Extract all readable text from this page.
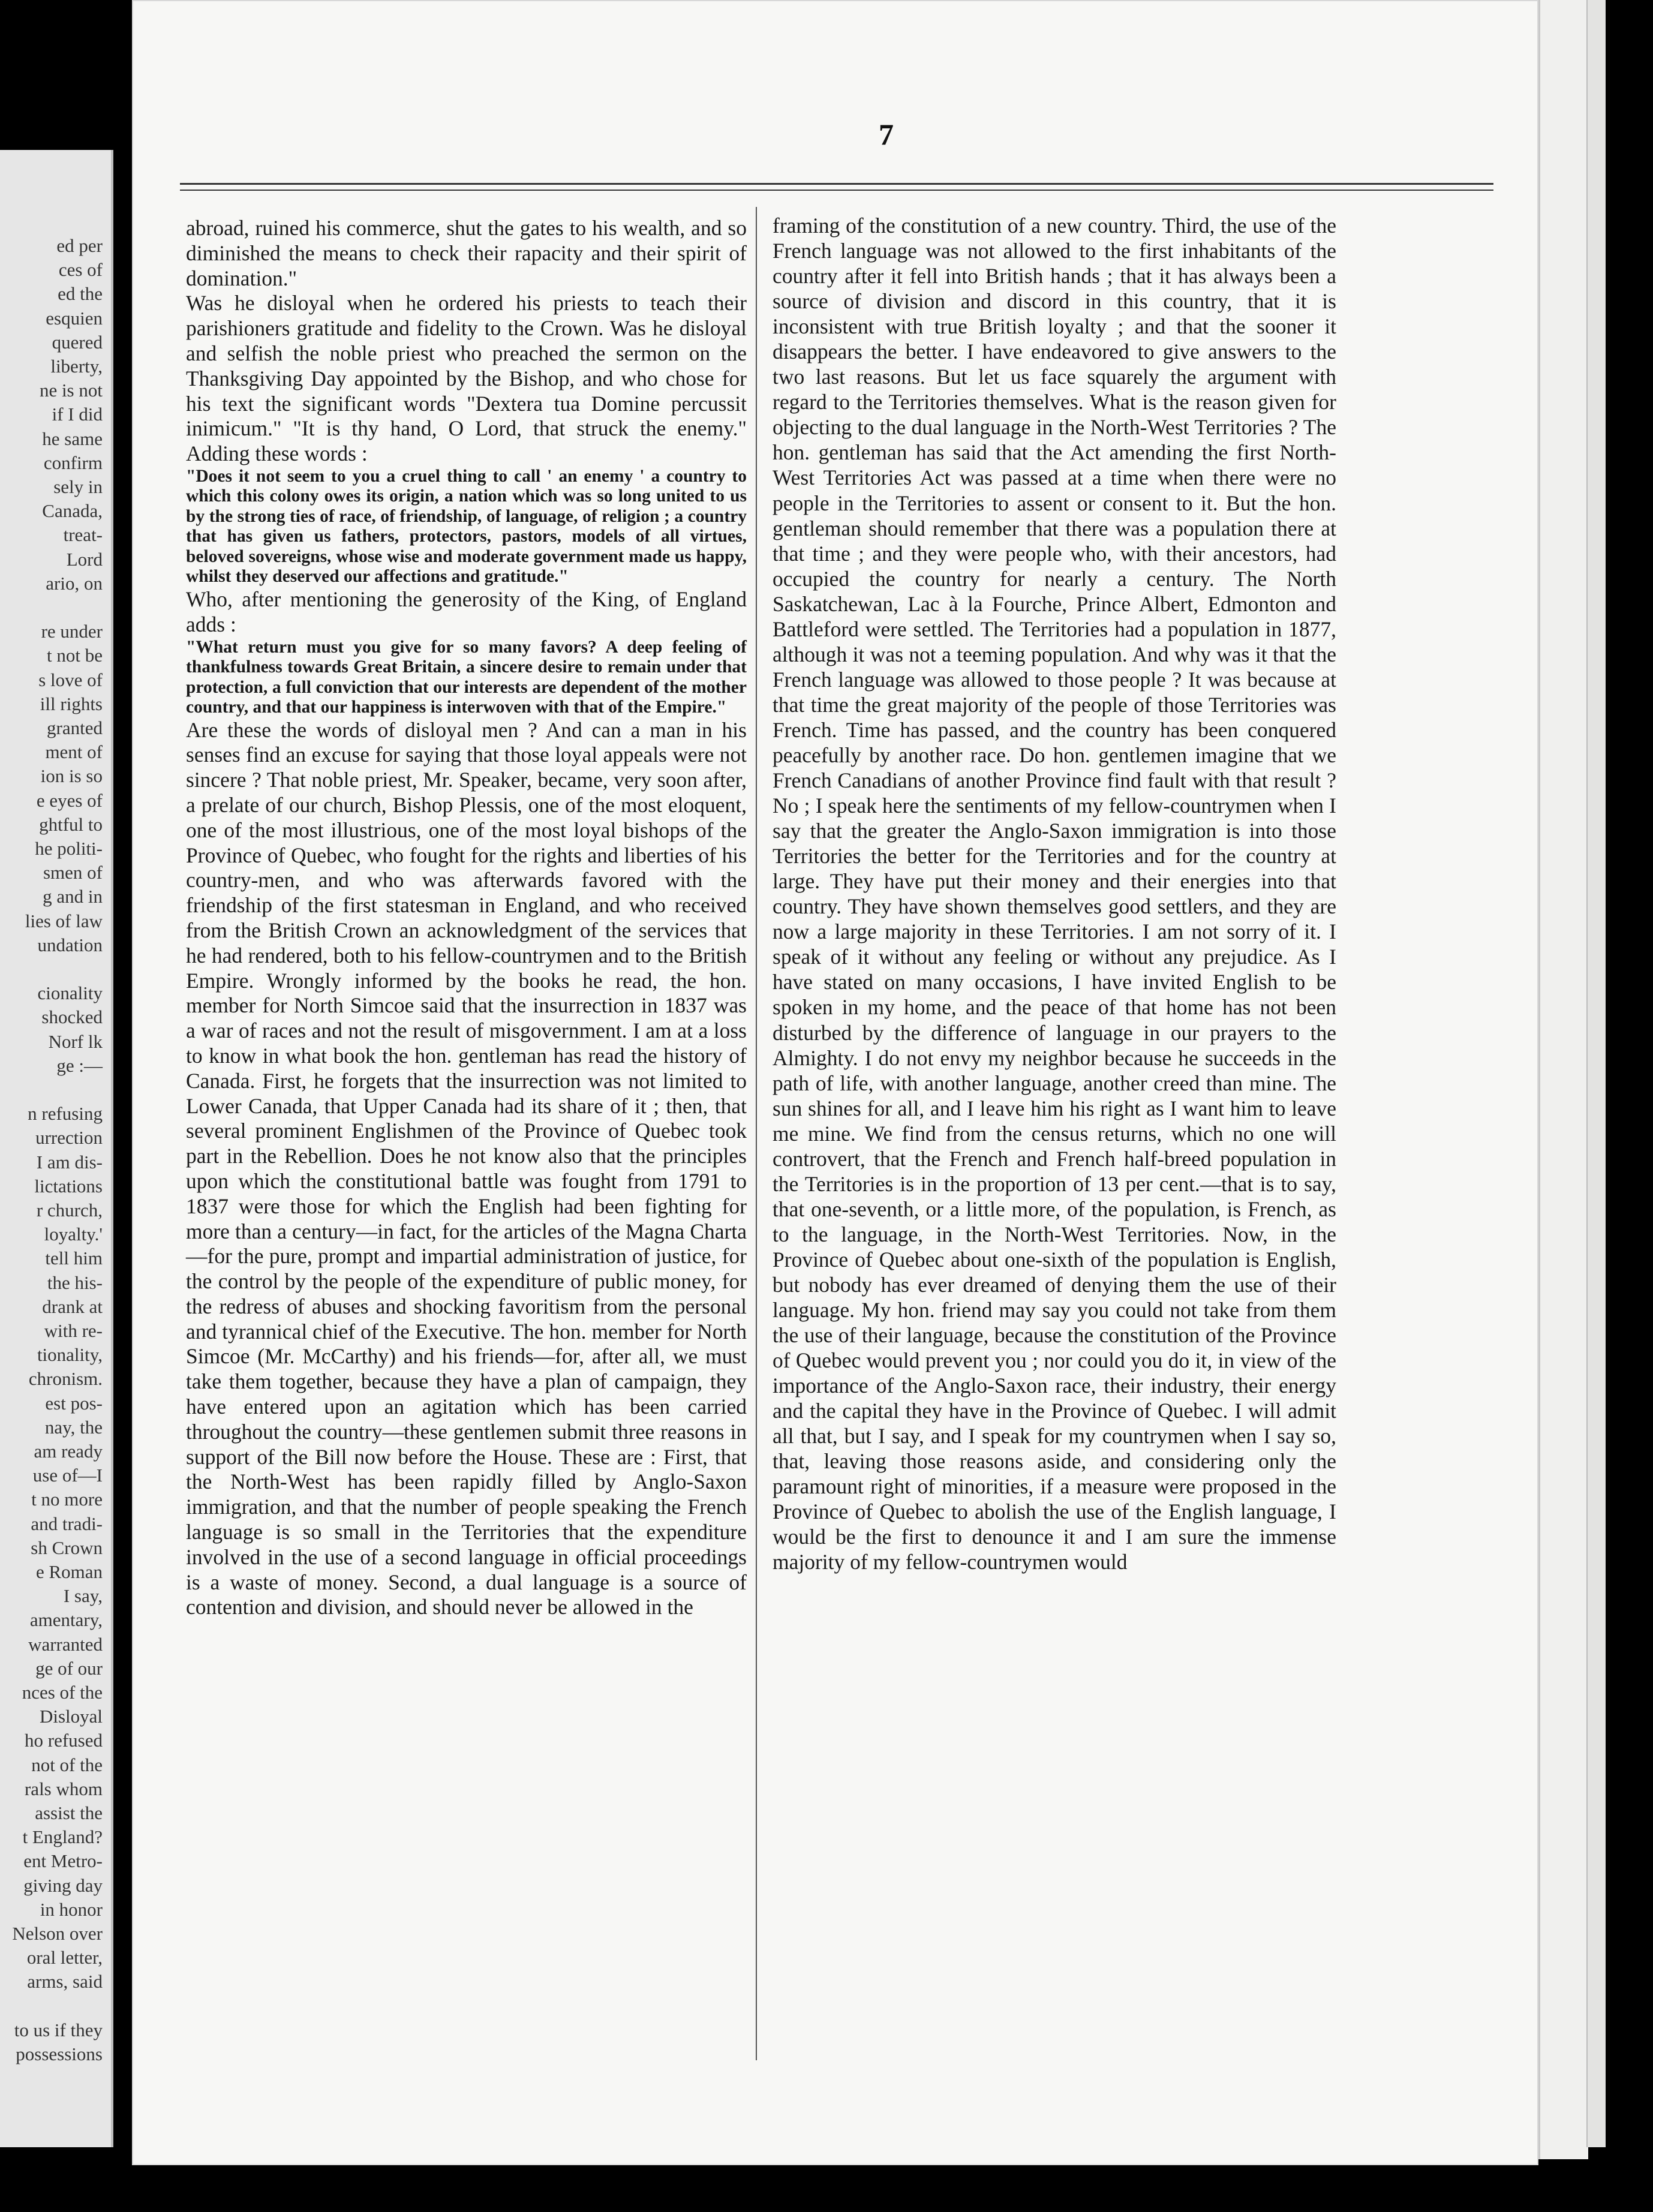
ed per
ces of
ed the
esquien
quered
liberty,
ne is not
if I did
he same
confirm
sely in
Canada,
treat-
Lord
ario, on
re under
t not be
s love of
ill rights
granted
ment of
ion is so
e eyes of
ghtful to
he politi-
smen of
g and in
lies of law
undation
cionality
shocked
Norf lk
ge :—
n refusing
urrection
I am dis-
lictations
r church,
loyalty.'
tell him
the his-
drank at
with re-
tionality,
chronism.
est pos-
nay, the
am ready
use of—I
t no more
and tradi-
sh Crown
e Roman
I say,
amentary,
warranted
ge of our
nces of the
Disloyal
ho refused
not of the
rals whom
assist the
t England?
ent Metro-
giving day
in honor
Nelson over
oral letter,
arms, said
to us if they
possessions
7

abroad, ruined his commerce, shut the gates to his wealth, and so diminished the means to check their rapacity and their spirit of domination."

Was he disloyal when he ordered his priests to teach their parishioners gratitude and fidelity to the Crown. Was he disloyal and selfish the noble priest who preached the sermon on the Thanksgiving Day appointed by the Bishop, and who chose for his text the significant words "Dextera tua Domine percussit inimicum." "It is thy hand, O Lord, that struck the enemy." Adding these words :

"Does it not seem to you a cruel thing to call ' an enemy ' a country to which this colony owes its origin, a nation which was so long united to us by the strong ties of race, of friendship, of language, of religion ; a country that has given us fathers, protectors, pastors, models of all virtues, beloved sovereigns, whose wise and moderate government made us happy, whilst they deserved our affections and gratitude."

Who, after mentioning the generosity of the King, of England adds :

"What return must you give for so many favors? A deep feeling of thankfulness towards Great Britain, a sincere desire to remain under that protection, a full conviction that our interests are dependent of the mother country, and that our happiness is interwoven with that of the Empire."

Are these the words of disloyal men ? And can a man in his senses find an excuse for saying that those loyal appeals were not sincere ? That noble priest, Mr. Speaker, became, very soon after, a prelate of our church, Bishop Plessis, one of the most eloquent, one of the most illustrious, one of the most loyal bishops of the Province of Quebec, who fought for the rights and liberties of his country-men, and who was afterwards favored with the friendship of the first statesman in England, and who received from the British Crown an acknowledgment of the services that he had rendered, both to his fellow-countrymen and to the British Empire. Wrongly informed by the books he read, the hon. member for North Simcoe said that the insurrection in 1837 was a war of races and not the result of misgovernment. I am at a loss to know in what book the hon. gentleman has read the history of Canada. First, he forgets that the insurrection was not limited to Lower Canada, that Upper Canada had its share of it ; then, that several prominent Englishmen of the Province of Quebec took part in the Rebellion. Does he not know also that the principles upon which the constitutional battle was fought from 1791 to 1837 were those for which the English had been fighting for more than a century—in fact, for the articles of the Magna Charta—for the pure, prompt and impartial administration of justice, for the control by the people of the expenditure of public money, for the redress of abuses and shocking favoritism from the personal and tyrannical chief of the Executive. The hon. member for North Simcoe (Mr. McCarthy) and his friends—for, after all, we must take them together, because they have a plan of campaign, they have entered upon an agitation which has been carried throughout the country—these gentlemen submit three reasons in support of the Bill now before the House. These are : First, that the North-West has been rapidly filled by Anglo-Saxon immigration, and that the number of people speaking the French language is so small in the Territories that the expenditure involved in the use of a second language in official proceedings is a waste of money. Second, a dual language is a source of contention and division, and should never be allowed in the

framing of the constitution of a new country. Third, the use of the French language was not allowed to the first inhabitants of the country after it fell into British hands ; that it has always been a source of division and discord in this country, that it is inconsistent with true British loyalty ; and that the sooner it disappears the better. I have endeavored to give answers to the two last reasons. But let us face squarely the argument with regard to the Territories themselves. What is the reason given for objecting to the dual language in the North-West Territories ? The hon. gentleman has said that the Act amending the first North-West Territories Act was passed at a time when there were no people in the Territories to assent or consent to it. But the hon. gentleman should remember that there was a population there at that time ; and they were people who, with their ancestors, had occupied the country for nearly a century. The North Saskatchewan, Lac à la Fourche, Prince Albert, Edmonton and Battleford were settled. The Territories had a population in 1877, although it was not a teeming population. And why was it that the French language was allowed to those people ? It was because at that time the great majority of the people of those Territories was French. Time has passed, and the country has been conquered peacefully by another race. Do hon. gentlemen imagine that we French Canadians of another Province find fault with that result ? No ; I speak here the sentiments of my fellow-countrymen when I say that the greater the Anglo-Saxon immigration is into those Territories the better for the Territories and for the country at large. They have put their money and their energies into that country. They have shown themselves good settlers, and they are now a large majority in these Territories. I am not sorry of it. I speak of it without any feeling or without any prejudice. As I have stated on many occasions, I have invited English to be spoken in my home, and the peace of that home has not been disturbed by the difference of language in our prayers to the Almighty. I do not envy my neighbor because he succeeds in the path of life, with another language, another creed than mine. The sun shines for all, and I leave him his right as I want him to leave me mine. We find from the census returns, which no one will controvert, that the French and French half-breed population in the Territories is in the proportion of 13 per cent.—that is to say, that one-seventh, or a little more, of the population, is French, as to the language, in the North-West Territories. Now, in the Province of Quebec about one-sixth of the population is English, but nobody has ever dreamed of denying them the use of their language. My hon. friend may say you could not take from them the use of their language, because the constitution of the Province of Quebec would prevent you ; nor could you do it, in view of the importance of the Anglo-Saxon race, their industry, their energy and the capital they have in the Province of Quebec. I will admit all that, but I say, and I speak for my countrymen when I say so, that, leaving those reasons aside, and considering only the paramount right of minorities, if a measure were proposed in the Province of Quebec to abolish the use of the English language, I would be the first to denounce it and I am sure the immense majority of my fellow-countrymen would
